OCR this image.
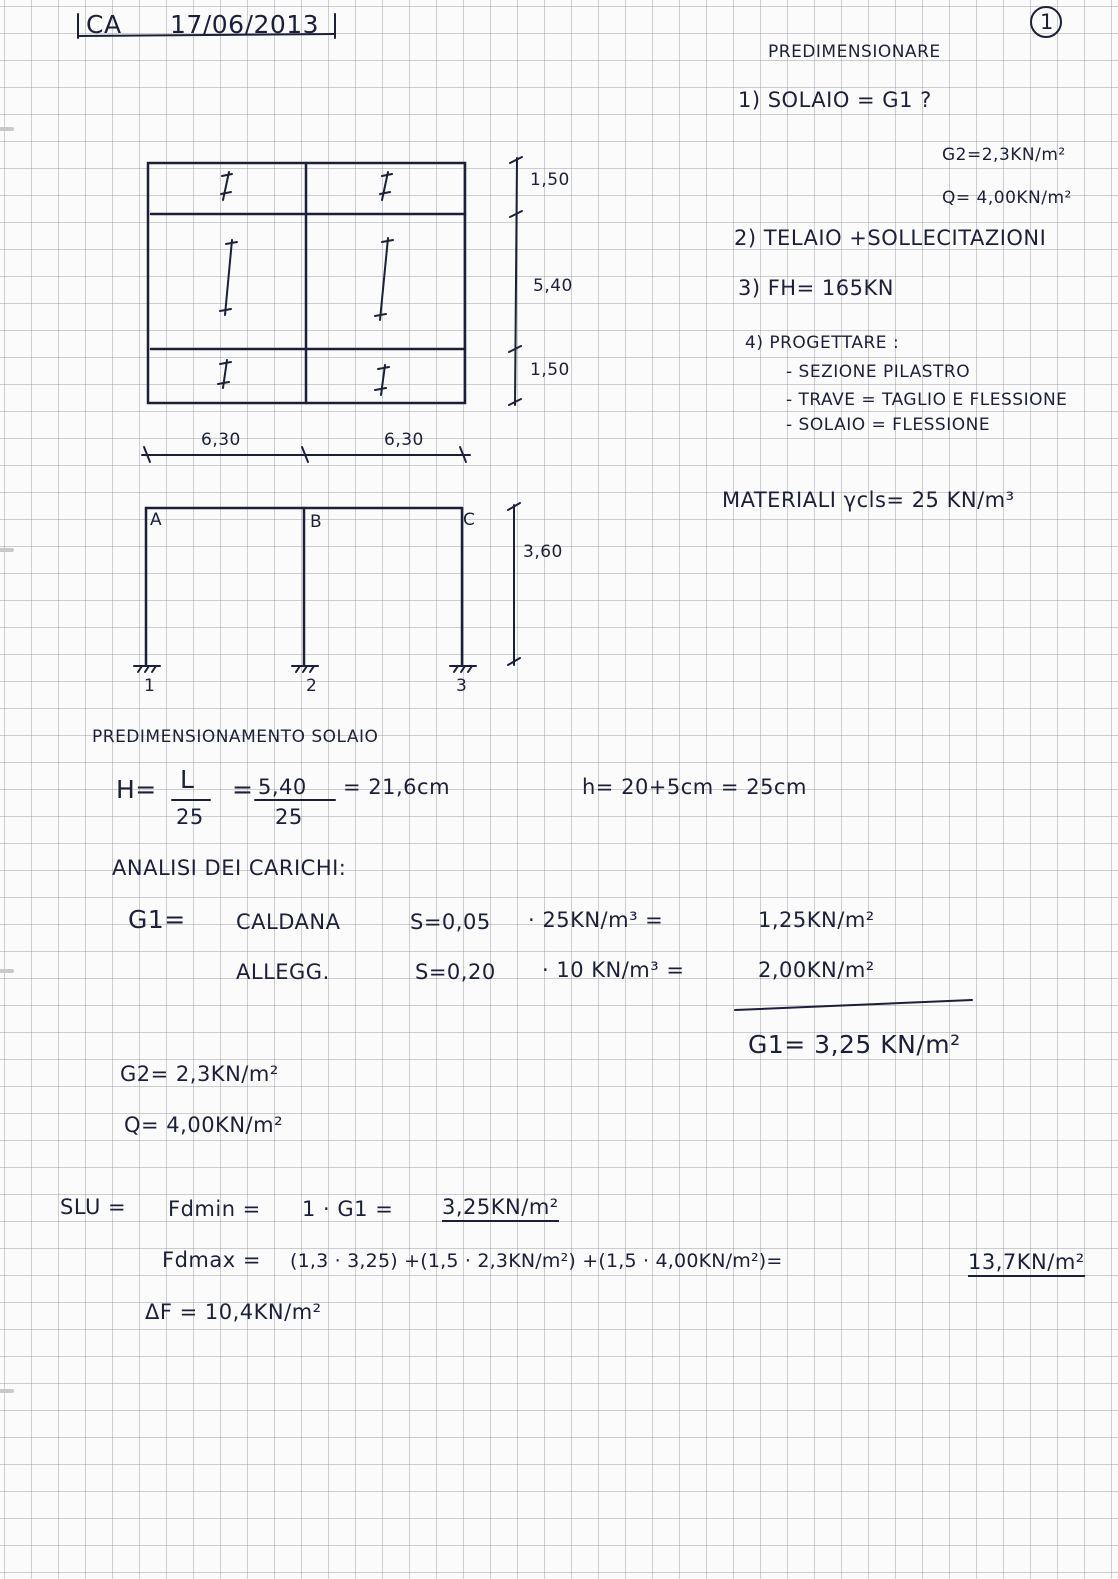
CA 17/06/2013	1
PREDIMENSIONARE
1) SOLAIO = G1 ?
G2=2,3KN/m²
Q= 4,00KN/m²
2) TELAIO +SOLLECITAZIONI
3) FH= 165KN
4) PROGETTARE :
- SEZIONE PILASTRO
- TRAVE = TAGLIO E FLESSIONE
- SOLAIO = FLESSIONE
MATERIALI γcls= 25 KN/m³
1,50
5,40
1,50
6,30	6,30
A	B	C
3,60
1	2	3
PREDIMENSIONAMENTO SOLAIO
H= L
25
= 5,40
25
= 21,6cm	h= 20+5cm = 25cm
ANALISI DEI CARICHI:
G1= CALDANA	S=0,05 · 25KN/m³ =	1,25KN/m²
ALLEGG.	S=0,20 · 10 KN/m³ =	2,00KN/m²
G1= 3,25 KN/m²
G2= 2,3KN/m²
Q= 4,00KN/m²
SLU = Fdmin = 1 · G1 = 3,25KN/m²
Fdmax = (1,3 · 3,25) +(1,5 · 2,3KN/m²) +(1,5 · 4,00KN/m²)=	13,7KN/m²
ΔF = 10,4KN/m²
